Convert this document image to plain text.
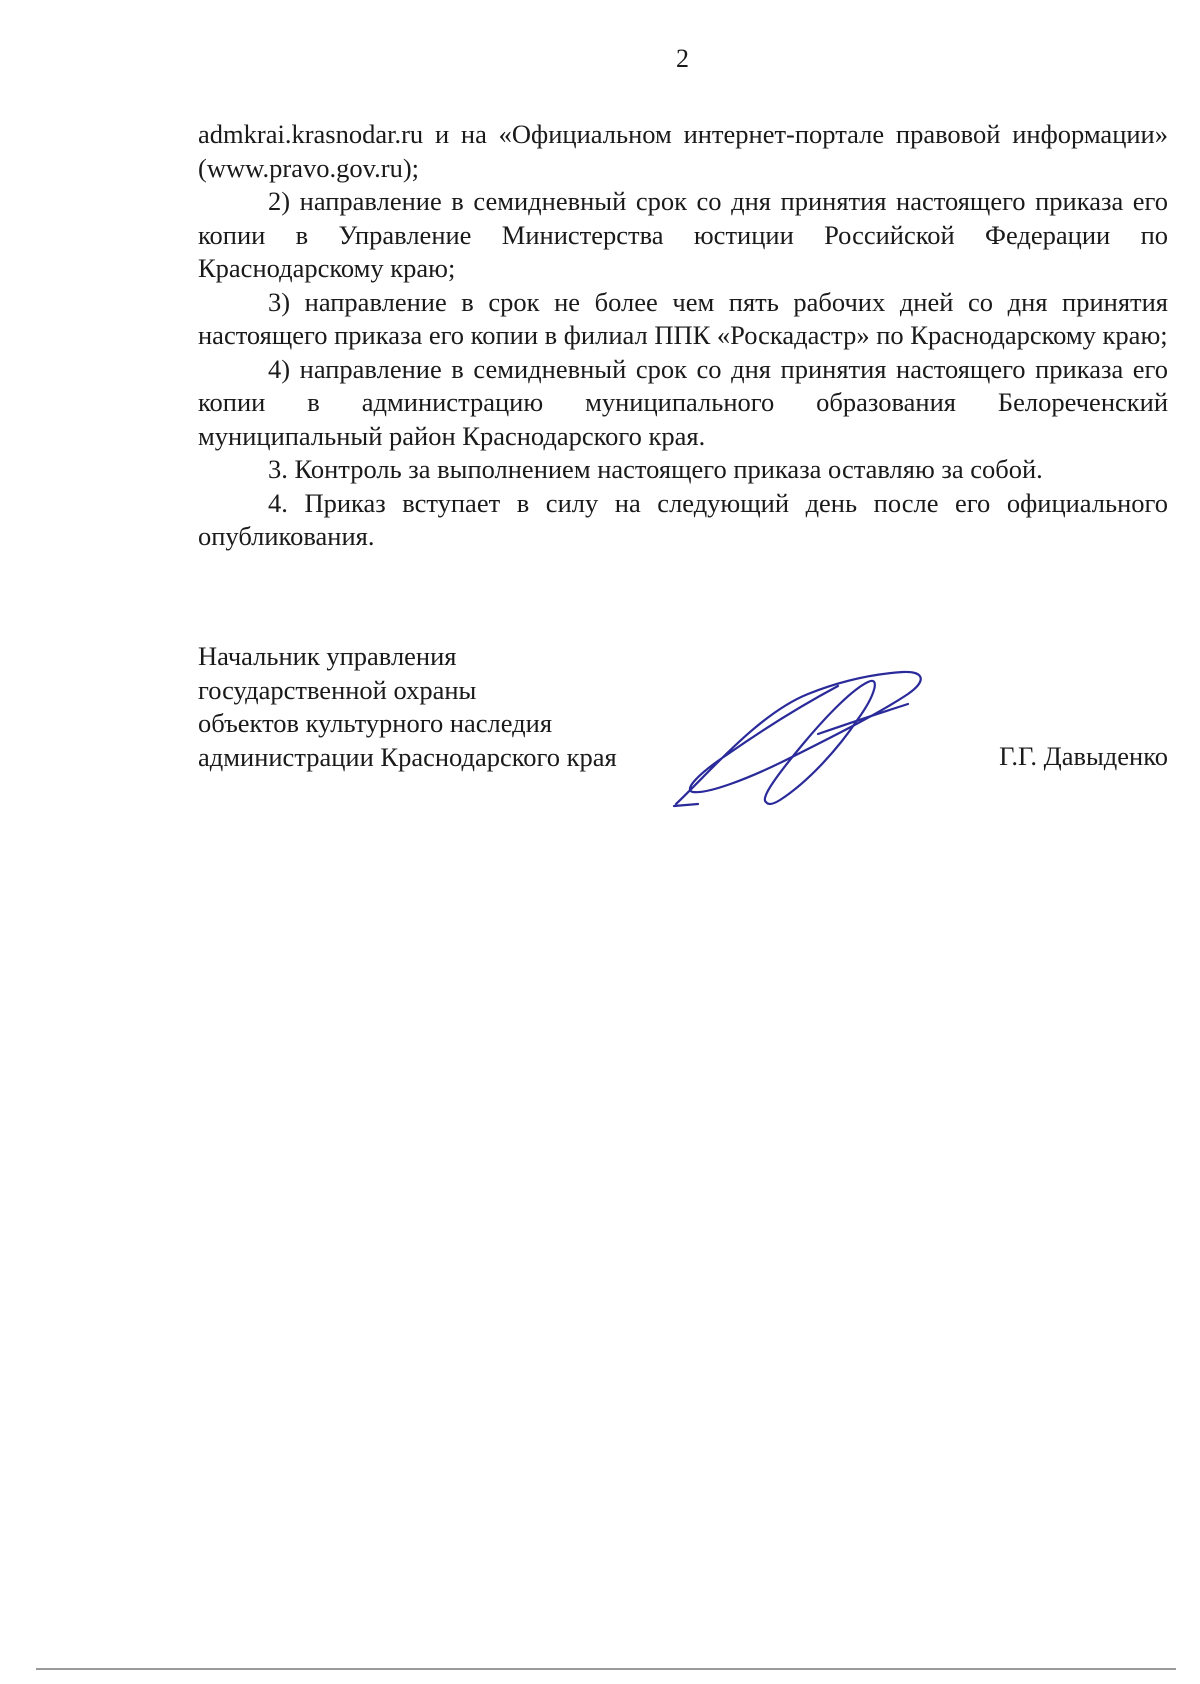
2

admkrai.krasnodar.ru и на «Официальном интернет-портале правовой информации» (www.pravo.gov.ru);

2) направление в семидневный срок со дня принятия настоящего приказа его копии в Управление Министерства юстиции Российской Федерации по Краснодарскому краю;

3) направление в срок не более чем пять рабочих дней со дня принятия настоящего приказа его копии в филиал ППК «Роскадастр» по Краснодарскому краю;

4) направление в семидневный срок со дня принятия настоящего приказа его копии в администрацию муниципального образования Белореченский муниципальный район Краснодарского края.

3. Контроль за выполнением настоящего приказа оставляю за собой.

4. Приказ вступает в силу на следующий день после его официального опубликования.

Начальник управления
государственной охраны
объектов культурного наследия
администрации Краснодарского края	Г.Г. Давыденко
